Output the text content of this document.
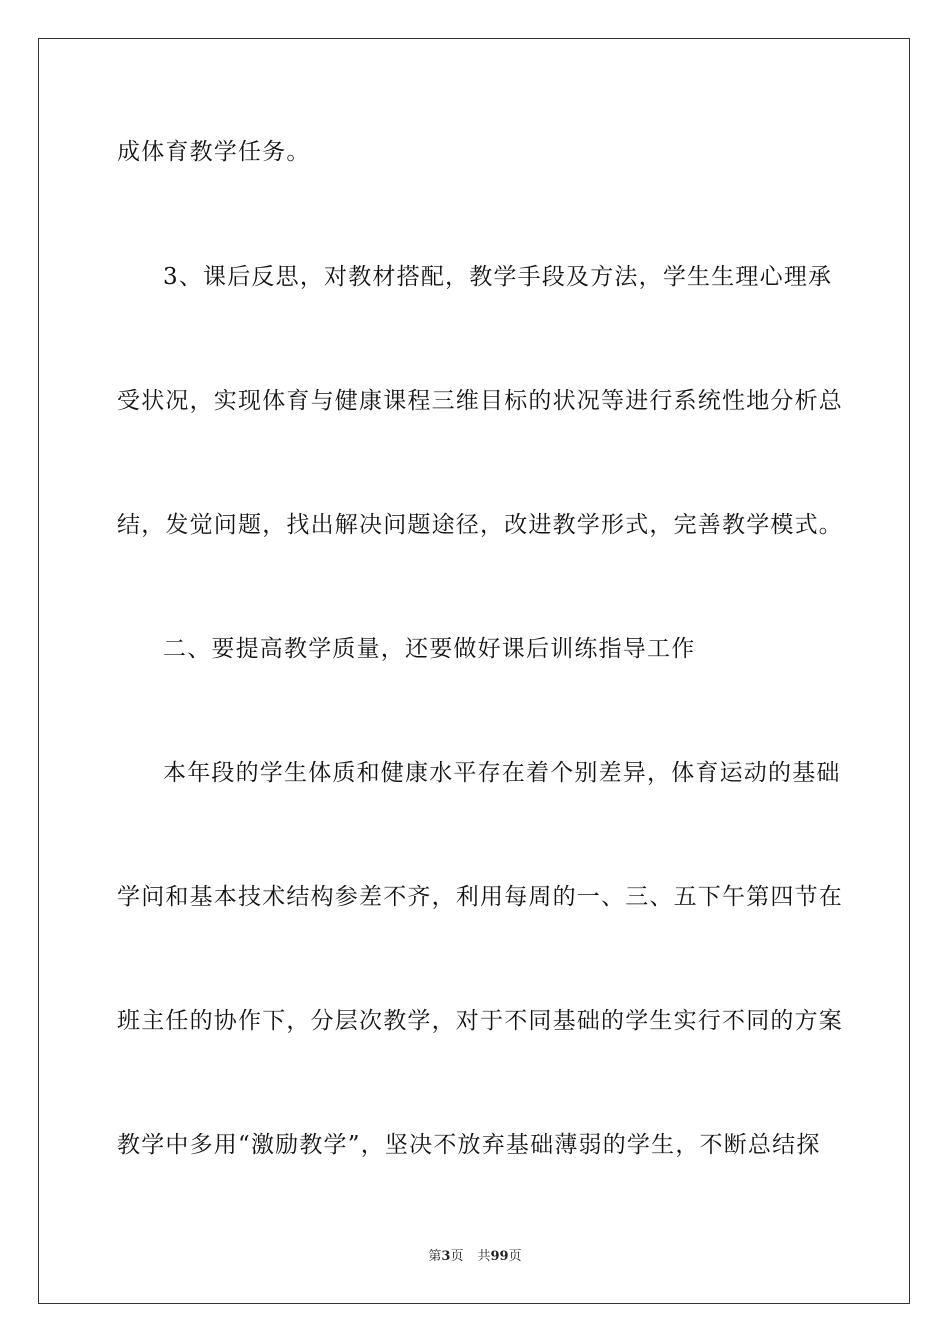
成体育教学任务。
3、课后反思，对教材搭配，教学手段及方法，学生生理心理承
受状况，实现体育与健康课程三维目标的状况等进行系统性地分析总
结，发觉问题，找出解决问题途径，改进教学形式，完善教学模式。
二、要提高教学质量，还要做好课后训练指导工作
本年段的学生体质和健康水平存在着个别差异，体育运动的基础
学问和基本技术结构参差不齐，利用每周的一、三、五下午第四节在
班主任的协作下，分层次教学，对于不同基础的学生实行不同的方案
教学中多用“激励教学”，坚决不放弃基础薄弱的学生，不断总结探
第3页 共99页
